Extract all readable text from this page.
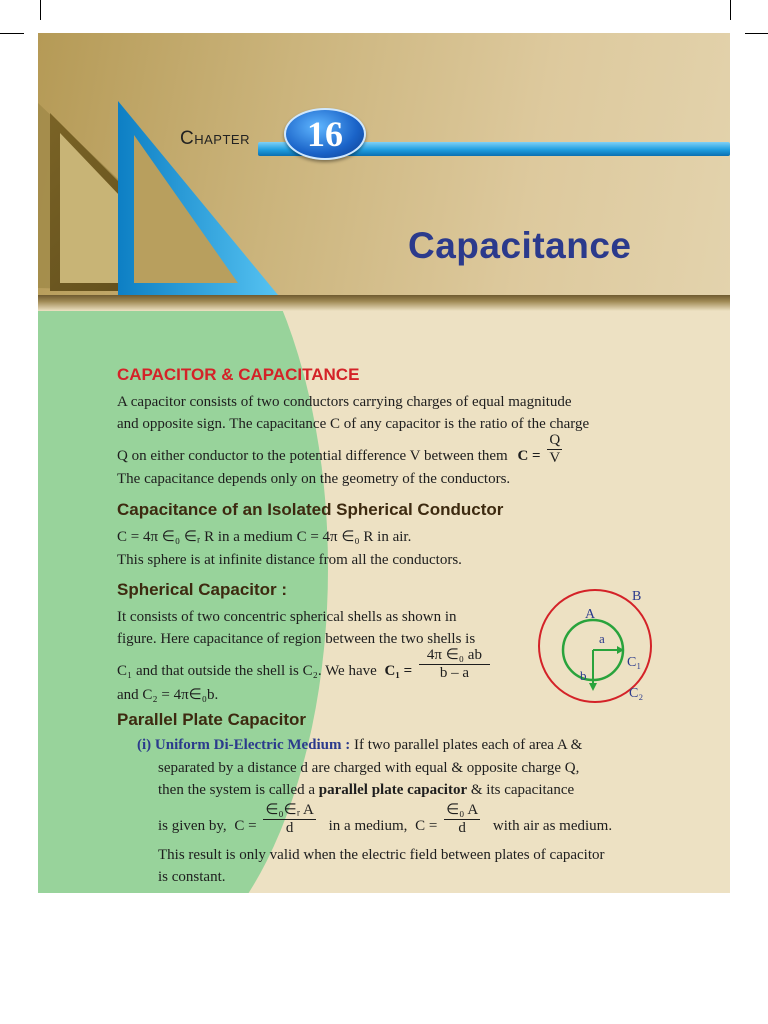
Chapter 16
Capacitance
CAPACITOR & CAPACITANCE
A capacitor consists of two conductors carrying charges of equal magnitude
and opposite sign. The capacitance C of any capacitor is the ratio of the charge
Q on either conductor to the potential difference V between them $C = \frac{Q}{V}$
The capacitance depends only on the geometry of the conductors.
Capacitance of an Isolated Spherical Conductor
C = 4π ∈₀ ∈ᵣ R in a medium C = 4π ∈₀ R in air.
This sphere is at infinite distance from all the conductors.
Spherical Capacitor :
It consists of two concentric spherical shells as shown in
figure. Here capacitance of region between the two shells is
C₁ and that outside the shell is C₂. We have $C_1 = \frac{\text{4π ∈₀ ab}}{b - a}$
and C₂ = 4π∈₀b.
A
B
a
b
C₁
C₂
Parallel Plate Capacitor
(i) Uniform Di-Electric Medium : If two parallel plates each of area A &
separated by a distance d are charged with equal & opposite charge Q,
then the system is called a parallel plate capacitor & its capacitance
is given by, $C = \frac{\text{∈₀∈ᵣ A}}{d}$ in a medium, $C = \frac{\text{∈₀ A}}{d}$ with air as medium.
This result is only valid when the electric field between plates of capacitor
is constant.
